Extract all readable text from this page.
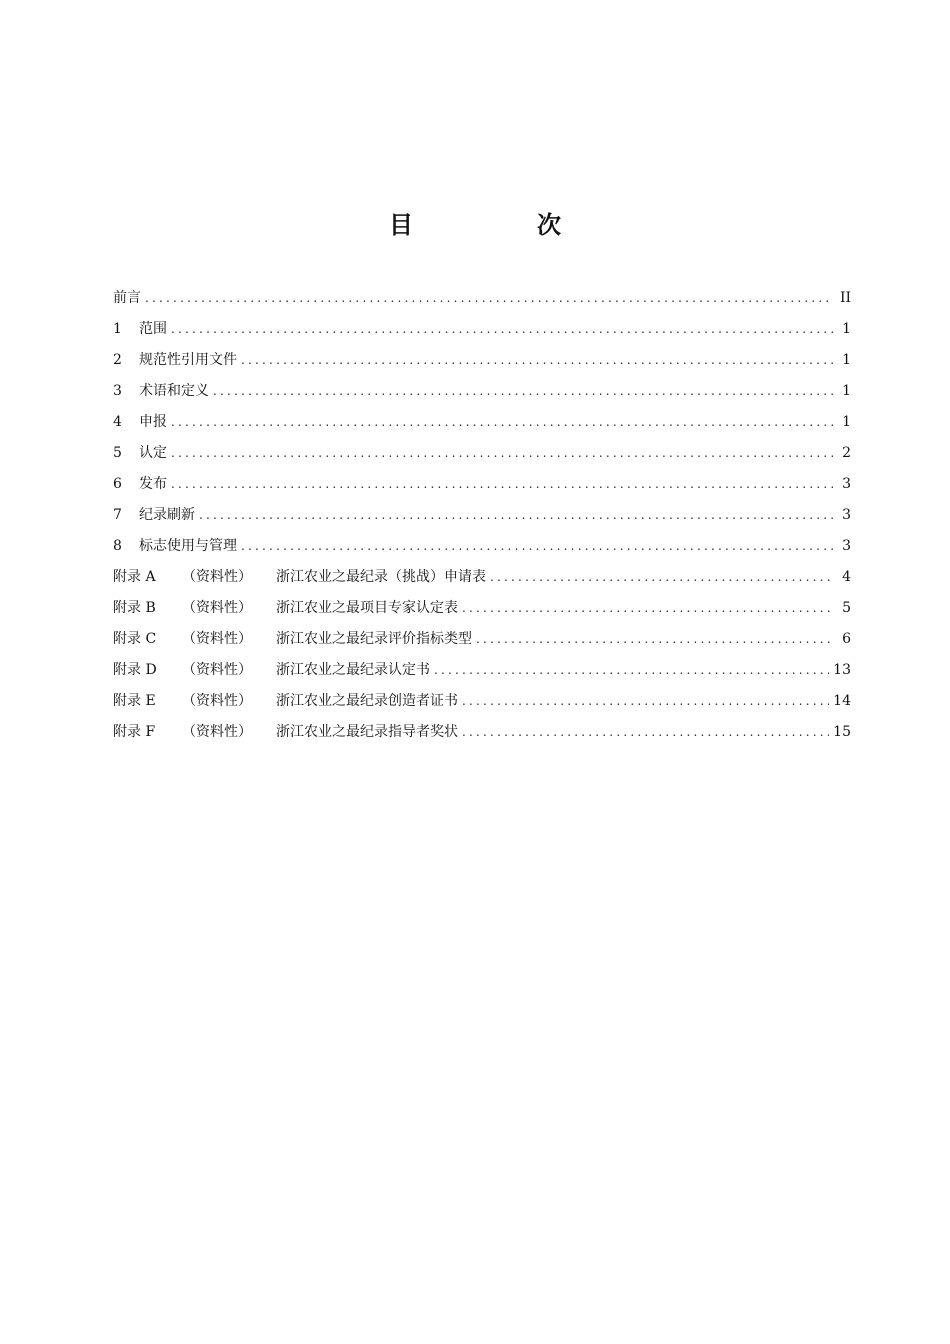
目　次
前言 .....	II
1	范围 .....	1
2	规范性引用文件 .....	1
3	术语和定义 .....	1
4	申报 .....	1
5	认定 .....	2
6	发布 .....	3
7	纪录刷新 .....	3
8	标志使用与管理 .....	3
附录 A	（资料性）	浙江农业之最纪录（挑战）申请表 .....	4
附录 B	（资料性）	浙江农业之最项目专家认定表 .....	5
附录 C	（资料性）	浙江农业之最纪录评价指标类型 .....	6
附录 D	（资料性）	浙江农业之最纪录认定书 .....	13
附录 E	（资料性）	浙江农业之最纪录创造者证书 .....	14
附录 F	（资料性）	浙江农业之最纪录指导者奖状 .....	15
